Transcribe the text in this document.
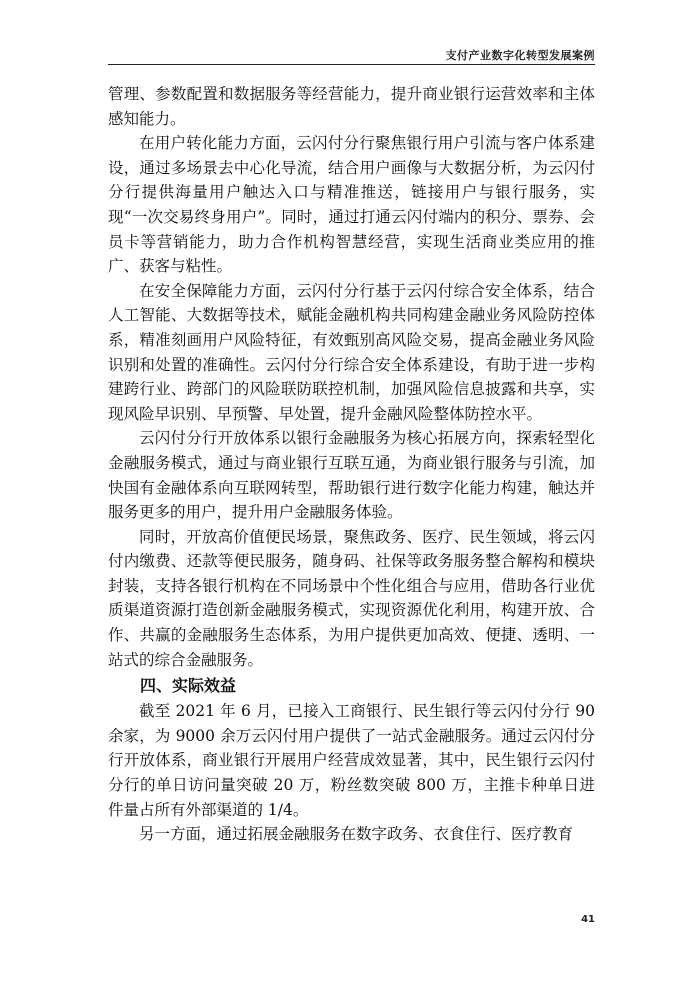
支付产业数字化转型发展案例

管理、参数配置和数据服务等经营能力，提升商业银行运营效率和主体感知能力。

在用户转化能力方面，云闪付分行聚焦银行用户引流与客户体系建设，通过多场景去中心化导流，结合用户画像与大数据分析，为云闪付分行提供海量用户触达入口与精准推送，链接用户与银行服务，实现“一次交易终身用户”。同时，通过打通云闪付端内的积分、票券、会员卡等营销能力，助力合作机构智慧经营，实现生活商业类应用的推广、获客与粘性。

在安全保障能力方面，云闪付分行基于云闪付综合安全体系，结合人工智能、大数据等技术，赋能金融机构共同构建金融业务风险防控体系，精准刻画用户风险特征，有效甄别高风险交易，提高金融业务风险识别和处置的准确性。云闪付分行综合安全体系建设，有助于进一步构建跨行业、跨部门的风险联防联控机制，加强风险信息披露和共享，实现风险早识别、早预警、早处置，提升金融风险整体防控水平。

云闪付分行开放体系以银行金融服务为核心拓展方向，探索轻型化金融服务模式，通过与商业银行互联互通，为商业银行服务与引流，加快国有金融体系向互联网转型，帮助银行进行数字化能力构建，触达并服务更多的用户，提升用户金融服务体验。

同时，开放高价值便民场景，聚焦政务、医疗、民生领域，将云闪付内缴费、还款等便民服务，随身码、社保等政务服务整合解构和模块封装，支持各银行机构在不同场景中个性化组合与应用，借助各行业优质渠道资源打造创新金融服务模式，实现资源优化利用，构建开放、合作、共赢的金融服务生态体系，为用户提供更加高效、便捷、透明、一站式的综合金融服务。

四、实际效益

截至 2021 年 6 月，已接入工商银行、民生银行等云闪付分行 90 余家，为 9000 余万云闪付用户提供了一站式金融服务。通过云闪付分行开放体系，商业银行开展用户经营成效显著，其中，民生银行云闪付分行的单日访问量突破 20 万，粉丝数突破 800 万，主推卡种单日进件量占所有外部渠道的 1/4。

另一方面，通过拓展金融服务在数字政务、衣食住行、医疗教育

41
